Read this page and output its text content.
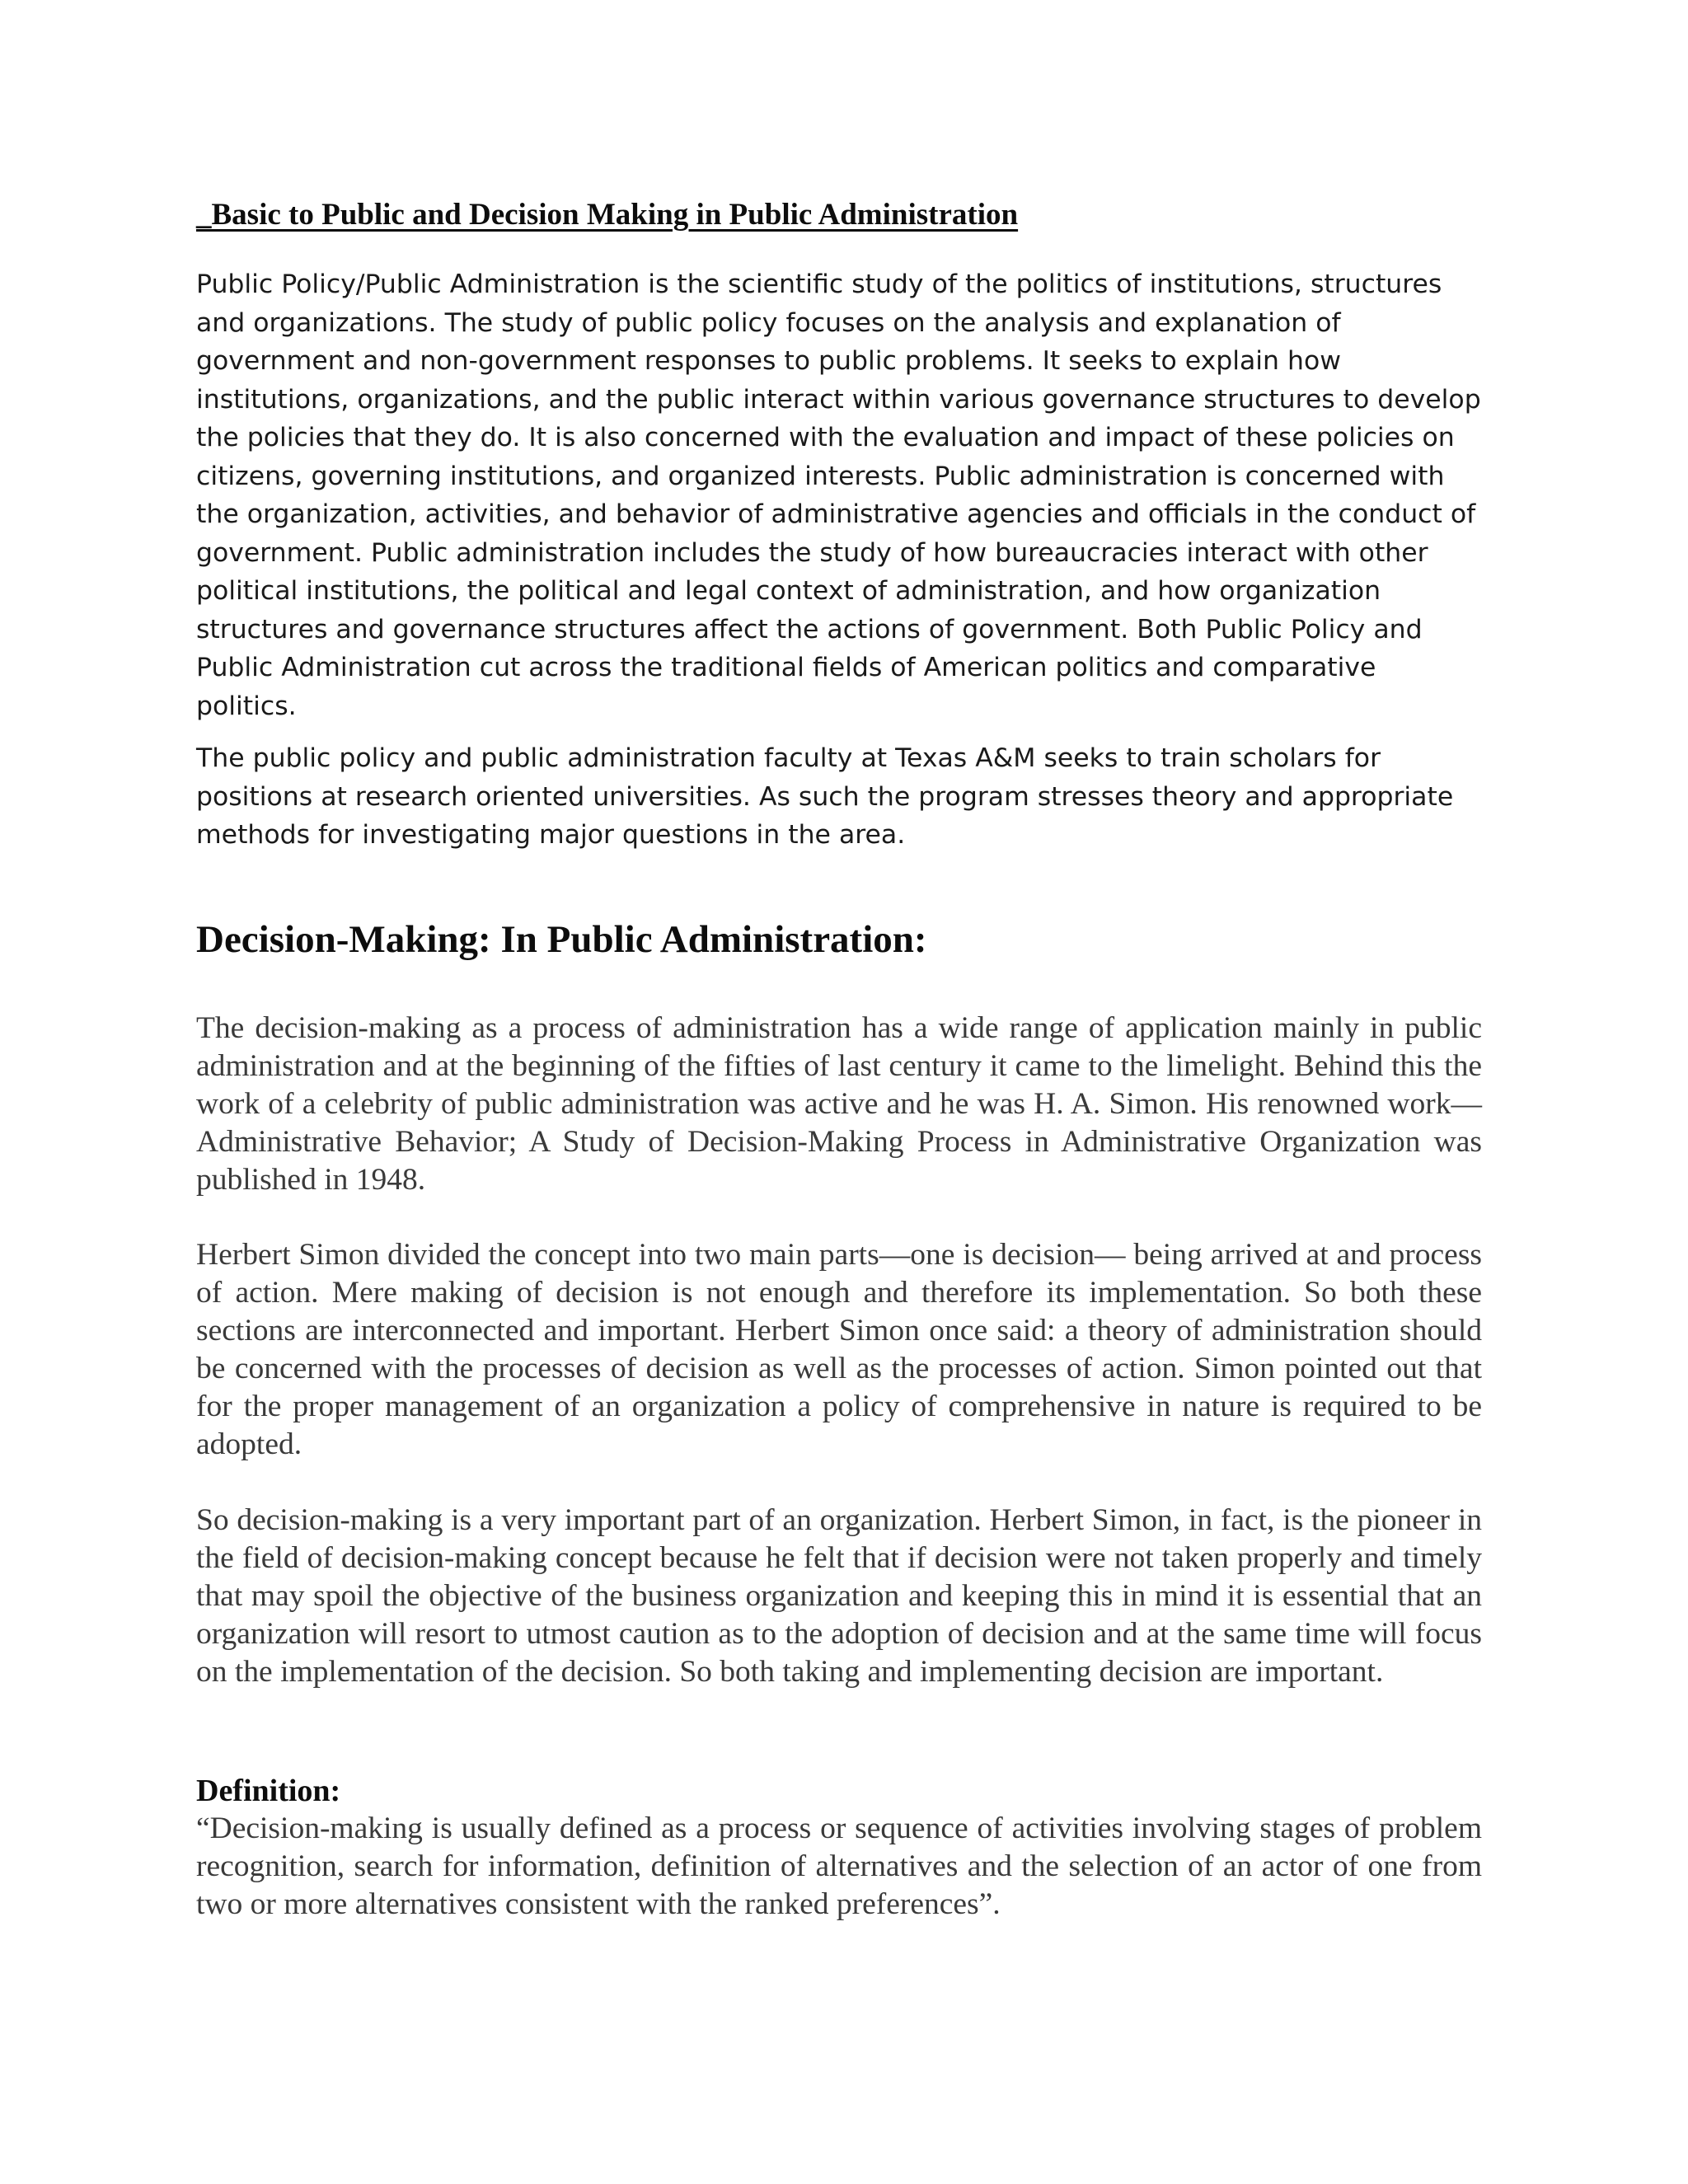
_Basic to Public and Decision Making in Public Administration

Public Policy/Public Administration is the scientific study of the politics of institutions, structures and organizations. The study of public policy focuses on the analysis and explanation of government and non-government responses to public problems. It seeks to explain how institutions, organizations, and the public interact within various governance structures to develop the policies that they do. It is also concerned with the evaluation and impact of these policies on citizens, governing institutions, and organized interests. Public administration is concerned with the organization, activities, and behavior of administrative agencies and officials in the conduct of government. Public administration includes the study of how bureaucracies interact with other political institutions, the political and legal context of administration, and how organization structures and governance structures affect the actions of government. Both Public Policy and Public Administration cut across the traditional fields of American politics and comparative politics.

The public policy and public administration faculty at Texas A&M seeks to train scholars for positions at research oriented universities. As such the program stresses theory and appropriate methods for investigating major questions in the area.

Decision-Making: In Public Administration:

The decision-making as a process of administration has a wide range of application mainly in public administration and at the beginning of the fifties of last century it came to the limelight. Behind this the work of a celebrity of public administration was active and he was H. A. Simon. His renowned work—Administrative Behavior; A Study of Decision-Making Process in Administrative Organization was published in 1948.

Herbert Simon divided the concept into two main parts—one is decision— being arrived at and process of action. Mere making of decision is not enough and therefore its implementation. So both these sections are interconnected and important. Herbert Simon once said: a theory of administration should be concerned with the processes of decision as well as the processes of action. Simon pointed out that for the proper management of an organization a policy of comprehensive in nature is required to be adopted.

So decision-making is a very important part of an organization. Herbert Simon, in fact, is the pioneer in the field of decision-making concept because he felt that if decision were not taken properly and timely that may spoil the objective of the business organization and keeping this in mind it is essential that an organization will resort to utmost caution as to the adoption of decision and at the same time will focus on the implementation of the decision. So both taking and implementing decision are important.

Definition:

“Decision-making is usually defined as a process or sequence of activities involving stages of problem recognition, search for information, definition of alternatives and the selection of an actor of one from two or more alternatives consistent with the ranked preferences”.
